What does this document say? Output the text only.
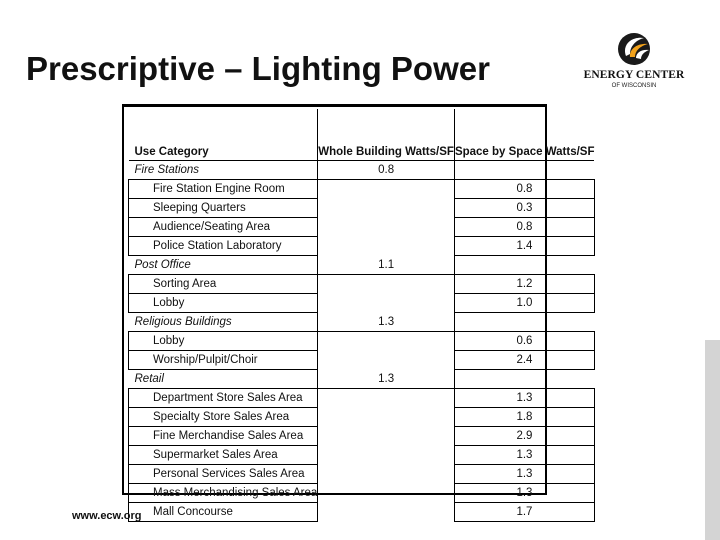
Prescriptive – Lighting Power	ENERGY CENTER
OF WISCONSIN
Use Category	Whole Building Watts/SF	Space by Space Watts/SF
Fire Stations	0.8	
Fire Station Engine Room		0.8
Sleeping Quarters		0.3
Audience/Seating Area		0.8
Police Station Laboratory		1.4
Post Office	1.1	
Sorting Area		1.2
Lobby		1.0
Religious Buildings	1.3	
Lobby		0.6
Worship/Pulpit/Choir		2.4
Retail	1.3	
Department Store Sales Area		1.3
Specialty Store Sales Area		1.8
Fine Merchandise Sales Area		2.9
Supermarket Sales Area		1.3
Personal Services Sales Area		1.3
Mass Merchandising Sales Area		1.3
Mall Concourse		1.7

www.ecw.org
